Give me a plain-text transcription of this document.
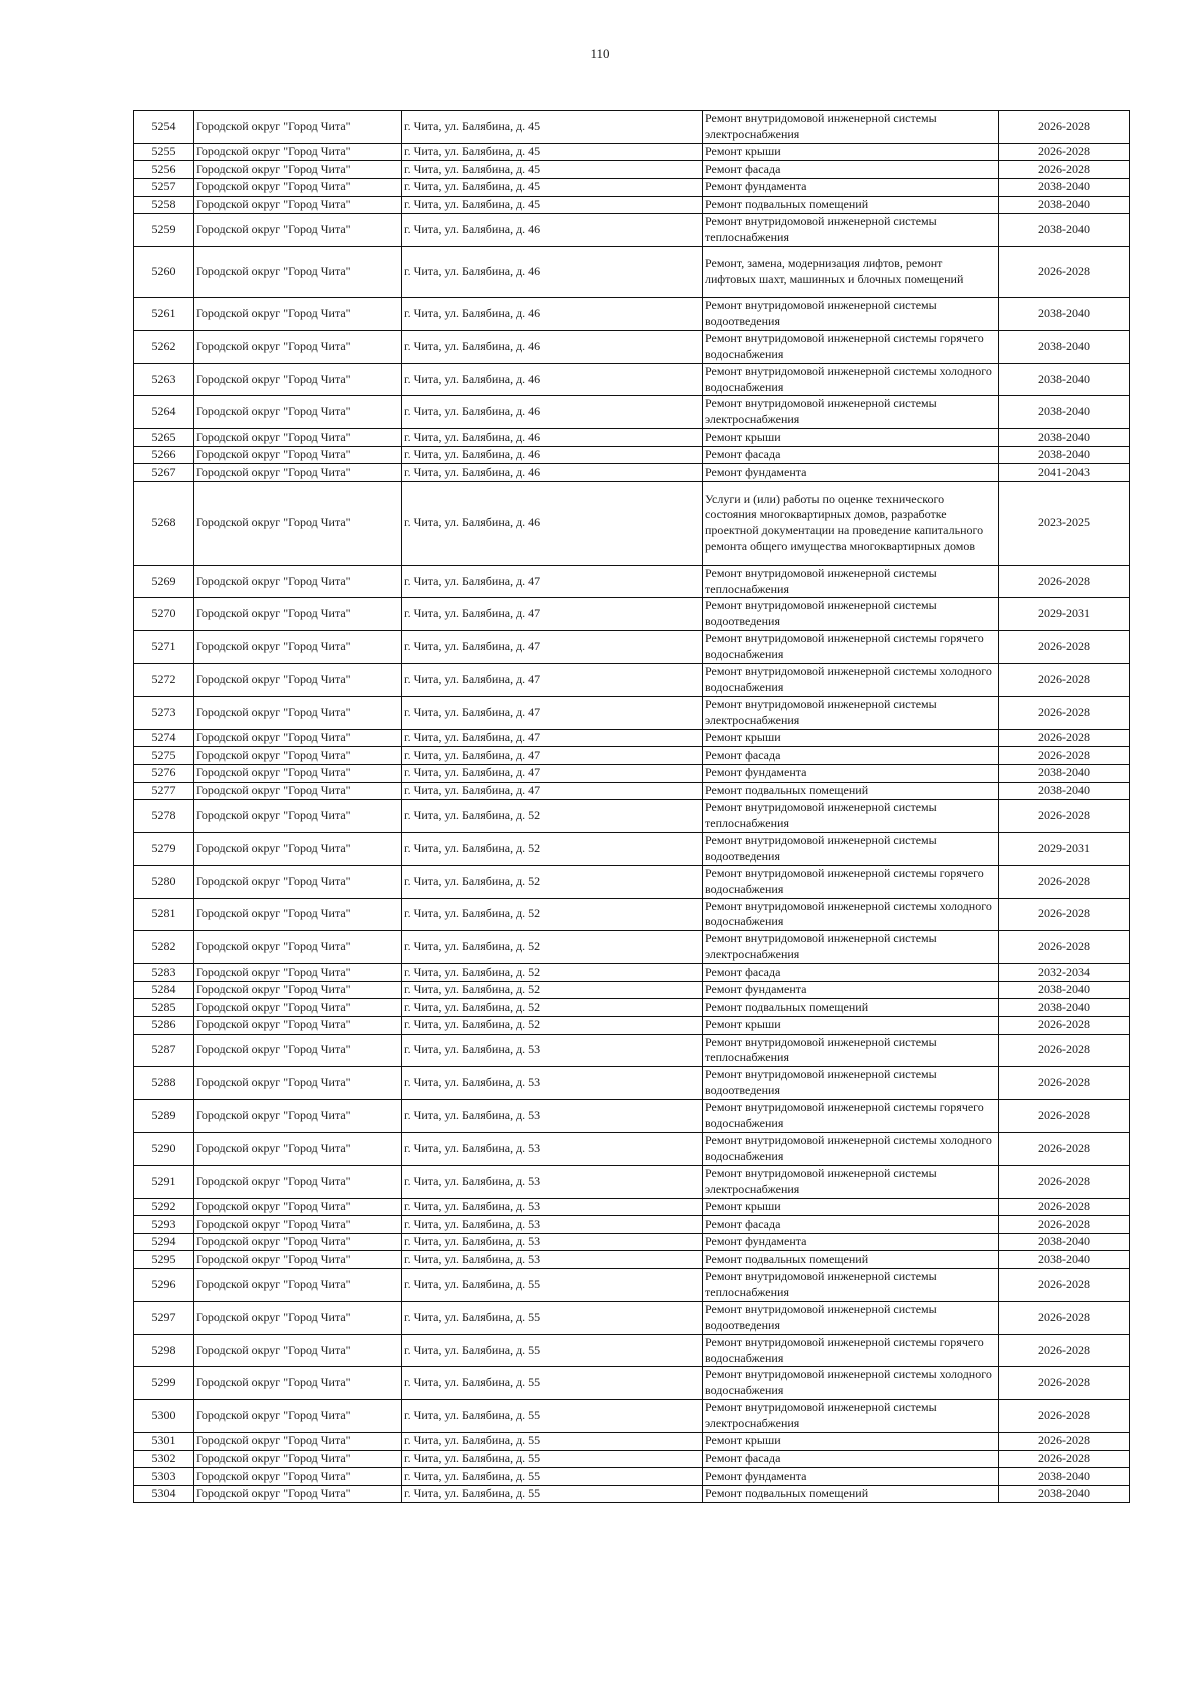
110
5254	Городской округ "Город Чита"	г. Чита, ул. Балябина, д. 45	Ремонт внутридомовой инженерной системы электроснабжения	2026-2028
5255	Городской округ "Город Чита"	г. Чита, ул. Балябина, д. 45	Ремонт крыши	2026-2028
5256	Городской округ "Город Чита"	г. Чита, ул. Балябина, д. 45	Ремонт фасада	2026-2028
5257	Городской округ "Город Чита"	г. Чита, ул. Балябина, д. 45	Ремонт фундамента	2038-2040
5258	Городской округ "Город Чита"	г. Чита, ул. Балябина, д. 45	Ремонт подвальных помещений	2038-2040
5259	Городской округ "Город Чита"	г. Чита, ул. Балябина, д. 46	Ремонт внутридомовой инженерной системы теплоснабжения	2038-2040
5260	Городской округ "Город Чита"	г. Чита, ул. Балябина, д. 46	Ремонт, замена, модернизация лифтов, ремонт лифтовых шахт, машинных и блочных помещений	2026-2028
5261	Городской округ "Город Чита"	г. Чита, ул. Балябина, д. 46	Ремонт внутридомовой инженерной системы водоотведения	2038-2040
5262	Городской округ "Город Чита"	г. Чита, ул. Балябина, д. 46	Ремонт внутридомовой инженерной системы горячего водоснабжения	2038-2040
5263	Городской округ "Город Чита"	г. Чита, ул. Балябина, д. 46	Ремонт внутридомовой инженерной системы холодного водоснабжения	2038-2040
5264	Городской округ "Город Чита"	г. Чита, ул. Балябина, д. 46	Ремонт внутридомовой инженерной системы электроснабжения	2038-2040
5265	Городской округ "Город Чита"	г. Чита, ул. Балябина, д. 46	Ремонт крыши	2038-2040
5266	Городской округ "Город Чита"	г. Чита, ул. Балябина, д. 46	Ремонт фасада	2038-2040
5267	Городской округ "Город Чита"	г. Чита, ул. Балябина, д. 46	Ремонт фундамента	2041-2043
5268	Городской округ "Город Чита"	г. Чита, ул. Балябина, д. 46	Услуги и (или) работы по оценке технического состояния многоквартирных домов, разработке проектной документации на проведение капитального ремонта общего имущества многоквартирных домов	2023-2025
5269	Городской округ "Город Чита"	г. Чита, ул. Балябина, д. 47	Ремонт внутридомовой инженерной системы теплоснабжения	2026-2028
5270	Городской округ "Город Чита"	г. Чита, ул. Балябина, д. 47	Ремонт внутридомовой инженерной системы водоотведения	2029-2031
5271	Городской округ "Город Чита"	г. Чита, ул. Балябина, д. 47	Ремонт внутридомовой инженерной системы горячего водоснабжения	2026-2028
5272	Городской округ "Город Чита"	г. Чита, ул. Балябина, д. 47	Ремонт внутридомовой инженерной системы холодного водоснабжения	2026-2028
5273	Городской округ "Город Чита"	г. Чита, ул. Балябина, д. 47	Ремонт внутридомовой инженерной системы электроснабжения	2026-2028
5274	Городской округ "Город Чита"	г. Чита, ул. Балябина, д. 47	Ремонт крыши	2026-2028
5275	Городской округ "Город Чита"	г. Чита, ул. Балябина, д. 47	Ремонт фасада	2026-2028
5276	Городской округ "Город Чита"	г. Чита, ул. Балябина, д. 47	Ремонт фундамента	2038-2040
5277	Городской округ "Город Чита"	г. Чита, ул. Балябина, д. 47	Ремонт подвальных помещений	2038-2040
5278	Городской округ "Город Чита"	г. Чита, ул. Балябина, д. 52	Ремонт внутридомовой инженерной системы теплоснабжения	2026-2028
5279	Городской округ "Город Чита"	г. Чита, ул. Балябина, д. 52	Ремонт внутридомовой инженерной системы водоотведения	2029-2031
5280	Городской округ "Город Чита"	г. Чита, ул. Балябина, д. 52	Ремонт внутридомовой инженерной системы горячего водоснабжения	2026-2028
5281	Городской округ "Город Чита"	г. Чита, ул. Балябина, д. 52	Ремонт внутридомовой инженерной системы холодного водоснабжения	2026-2028
5282	Городской округ "Город Чита"	г. Чита, ул. Балябина, д. 52	Ремонт внутридомовой инженерной системы электроснабжения	2026-2028
5283	Городской округ "Город Чита"	г. Чита, ул. Балябина, д. 52	Ремонт фасада	2032-2034
5284	Городской округ "Город Чита"	г. Чита, ул. Балябина, д. 52	Ремонт фундамента	2038-2040
5285	Городской округ "Город Чита"	г. Чита, ул. Балябина, д. 52	Ремонт подвальных помещений	2038-2040
5286	Городской округ "Город Чита"	г. Чита, ул. Балябина, д. 52	Ремонт крыши	2026-2028
5287	Городской округ "Город Чита"	г. Чита, ул. Балябина, д. 53	Ремонт внутридомовой инженерной системы теплоснабжения	2026-2028
5288	Городской округ "Город Чита"	г. Чита, ул. Балябина, д. 53	Ремонт внутридомовой инженерной системы водоотведения	2026-2028
5289	Городской округ "Город Чита"	г. Чита, ул. Балябина, д. 53	Ремонт внутридомовой инженерной системы горячего водоснабжения	2026-2028
5290	Городской округ "Город Чита"	г. Чита, ул. Балябина, д. 53	Ремонт внутридомовой инженерной системы холодного водоснабжения	2026-2028
5291	Городской округ "Город Чита"	г. Чита, ул. Балябина, д. 53	Ремонт внутридомовой инженерной системы электроснабжения	2026-2028
5292	Городской округ "Город Чита"	г. Чита, ул. Балябина, д. 53	Ремонт крыши	2026-2028
5293	Городской округ "Город Чита"	г. Чита, ул. Балябина, д. 53	Ремонт фасада	2026-2028
5294	Городской округ "Город Чита"	г. Чита, ул. Балябина, д. 53	Ремонт фундамента	2038-2040
5295	Городской округ "Город Чита"	г. Чита, ул. Балябина, д. 53	Ремонт подвальных помещений	2038-2040
5296	Городской округ "Город Чита"	г. Чита, ул. Балябина, д. 55	Ремонт внутридомовой инженерной системы теплоснабжения	2026-2028
5297	Городской округ "Город Чита"	г. Чита, ул. Балябина, д. 55	Ремонт внутридомовой инженерной системы водоотведения	2026-2028
5298	Городской округ "Город Чита"	г. Чита, ул. Балябина, д. 55	Ремонт внутридомовой инженерной системы горячего водоснабжения	2026-2028
5299	Городской округ "Город Чита"	г. Чита, ул. Балябина, д. 55	Ремонт внутридомовой инженерной системы холодного водоснабжения	2026-2028
5300	Городской округ "Город Чита"	г. Чита, ул. Балябина, д. 55	Ремонт внутридомовой инженерной системы электроснабжения	2026-2028
5301	Городской округ "Город Чита"	г. Чита, ул. Балябина, д. 55	Ремонт крыши	2026-2028
5302	Городской округ "Город Чита"	г. Чита, ул. Балябина, д. 55	Ремонт фасада	2026-2028
5303	Городской округ "Город Чита"	г. Чита, ул. Балябина, д. 55	Ремонт фундамента	2038-2040
5304	Городской округ "Город Чита"	г. Чита, ул. Балябина, д. 55	Ремонт подвальных помещений	2038-2040
